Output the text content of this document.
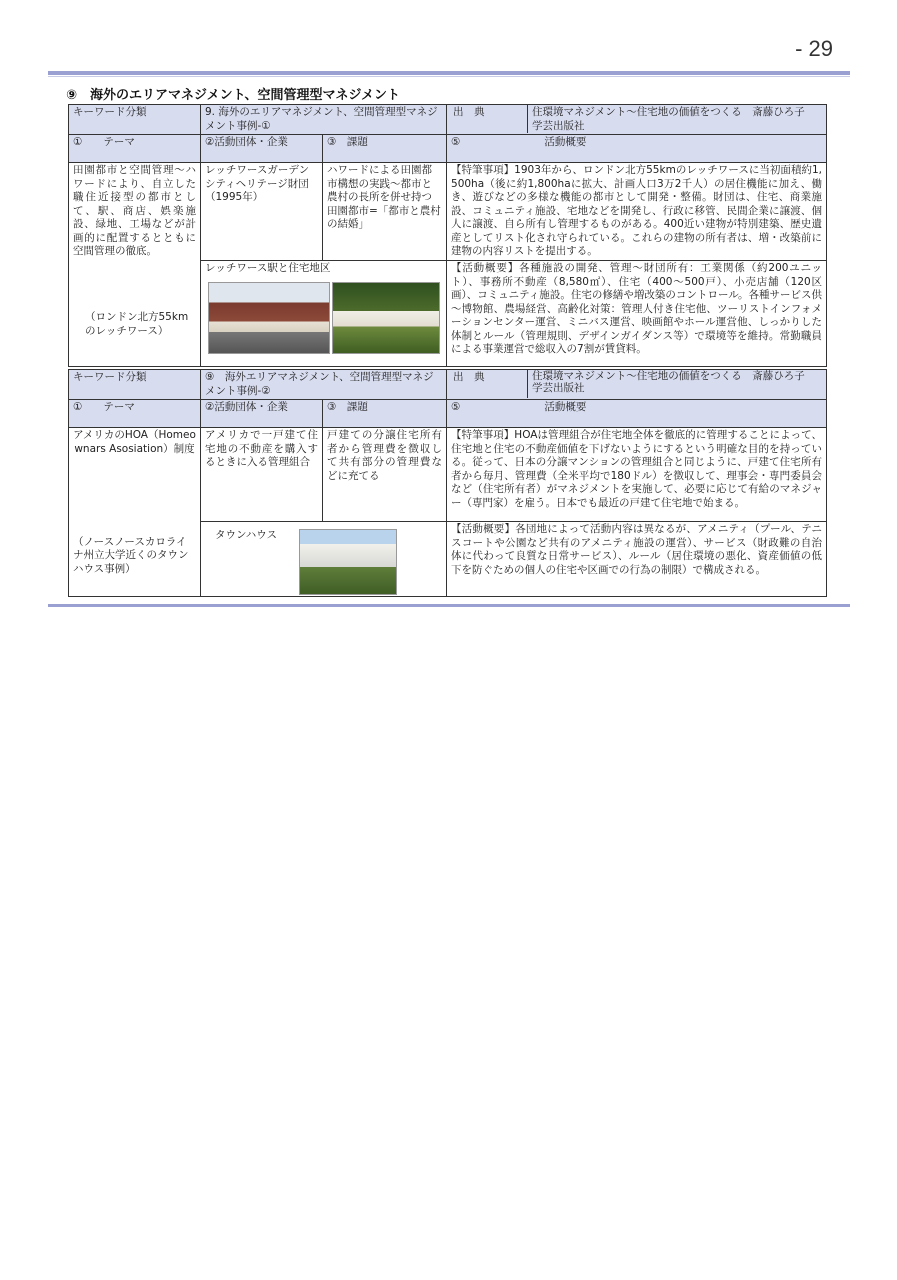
- 29
⑨　海外のエリアマネジメント、空間管理型マネジメント
キーワード分類	9. 海外のエリアマネジメント、空間管理型マネジメント事例-①		出　典 住環境マネジメント～住宅地の価値をつくる　斎藤ひろ子　学芸出版社

①　　テーマ	②活動団体・企業	③　課題	⑤　　　　　　　　活動概要

田園都市と空間管理～ハワードにより、自立した職住近接型の都市として、駅、商店、娯楽施設、緑地、工場などが計画的に配置するとともに空間管理の徹底。
（ロンドン北方55kmのレッチワース）	レッチワースガーデンシティヘリテージ財団（1995年）	ハワードによる田園都市構想の実践～都市と農村の長所を併せ持つ田園都市=「都市と農村の結婚」	【特筆事項】1903年から、ロンドン北方55kmのレッチワースに当初面積約1,500ha（後に約1,800haに拡大、計画人口3万2千人）の居住機能に加え、働き、遊びなどの多様な機能の都市として開発・整備。財団は、住宅、商業施設、コミュニティ施設、宅地などを開発し、行政に移管、民間企業に譲渡、個人に譲渡、自ら所有し管理するものがある。400近い建物が特別建築、歴史遺産としてリスト化され守られている。これらの建物の所有者は、増・改築前に建物の内容リストを提出する。

	レッチワース駅と住宅地区		【活動概要】各種施設の開発、管理～財団所有：工業関係（約200ユニット）、事務所不動産（8,580㎡）、住宅（400～500戸）、小売店舗（120区画）、コミュニティ施設。住宅の修繕や増改築のコントロール。各種サービス供～博物館、農場経営、高齢化対策：管理人付き住宅他、ツーリストインフォメーションセンター運営、ミニバス運営、映画館やホール運営他、しっかりした体制とルール（管理規則、デザインガイダンス等）で環境等を維持。常勤職員による事業運営で総収入の7割が賃貸料。
キーワード分類	⑨　海外エリアマネジメント、空間管理型マネジメント事例-②		出　典 住環境マネジメント～住宅地の価値をつくる　斎藤ひろ子　学芸出版社

①　　テーマ	②活動団体・企業	③　課題	⑤　　　　　　　　活動概要

アメリカのHOA（Homeownars Asosiation）制度
（ノースノースカロライナ州立大学近くのタウンハウス事例）	アメリカで一戸建て住宅地の不動産を購入するときに入る管理組合	戸建ての分譲住宅所有者から管理費を徴収して共有部分の管理費などに充てる	【特筆事項】HOAは管理組合が住宅地全体を徹底的に管理することによって、住宅地と住宅の不動産価値を下げないようにするという明確な目的を持っている。従って、日本の分譲マンションの管理組合と同じように、戸建て住宅所有者から毎月、管理費（全米平均で180ドル）を徴収して、理事会・専門委員会など（住宅所有者）がマネジメントを実施して、必要に応じて有給のマネジャー（専門家）を雇う。日本でも最近の戸建て住宅地で始まる。

	タウンハウス		【活動概要】各団地によって活動内容は異なるが、アメニティ（プール、テニスコートや公園など共有のアメニティ施設の運営）、サービス（財政難の自治体に代わって良質な日常サービス）、ルール（居住環境の悪化、資産価値の低下を防ぐための個人の住宅や区画での行為の制限）で構成される。
